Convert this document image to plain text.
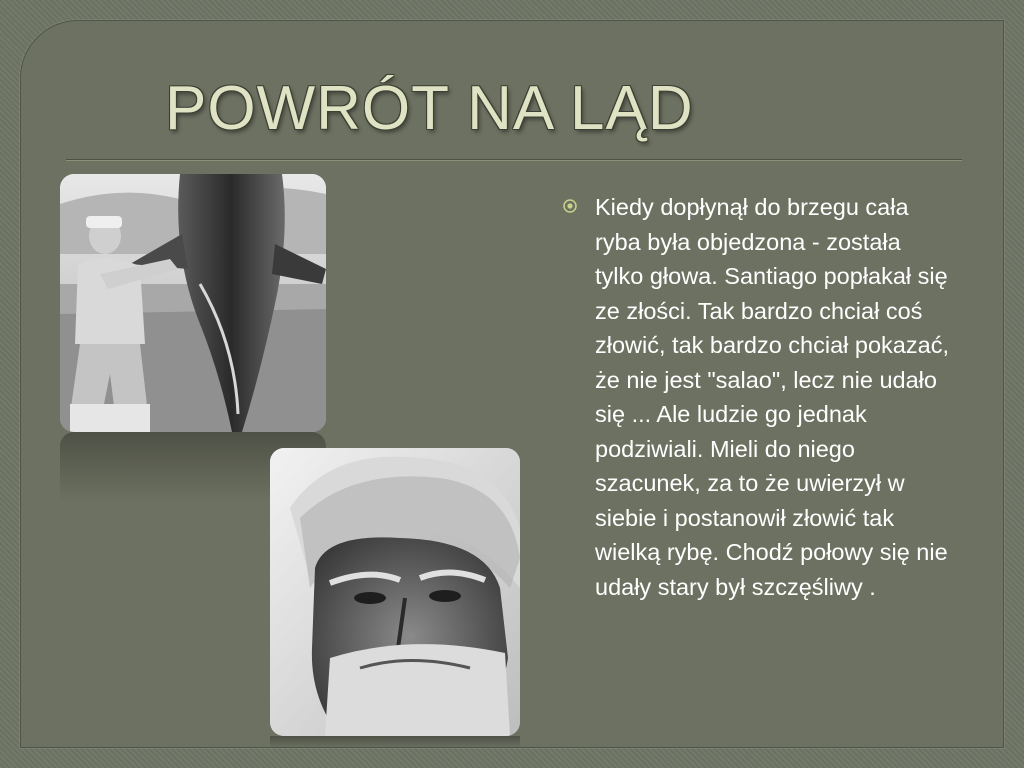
POWRÓT NA LĄD

Kiedy dopłynął do brzegu cała ryba była objedzona - została tylko głowa. Santiago popłakał się ze złości. Tak bardzo chciał coś złowić, tak bardzo chciał pokazać, że nie jest "salao", lecz nie udało się ... Ale ludzie go jednak podziwiali. Mieli do niego szacunek, za to że uwierzył w siebie i postanowił złowić tak wielką rybę. Chodź połowy się nie udały stary był szczęśliwy .
